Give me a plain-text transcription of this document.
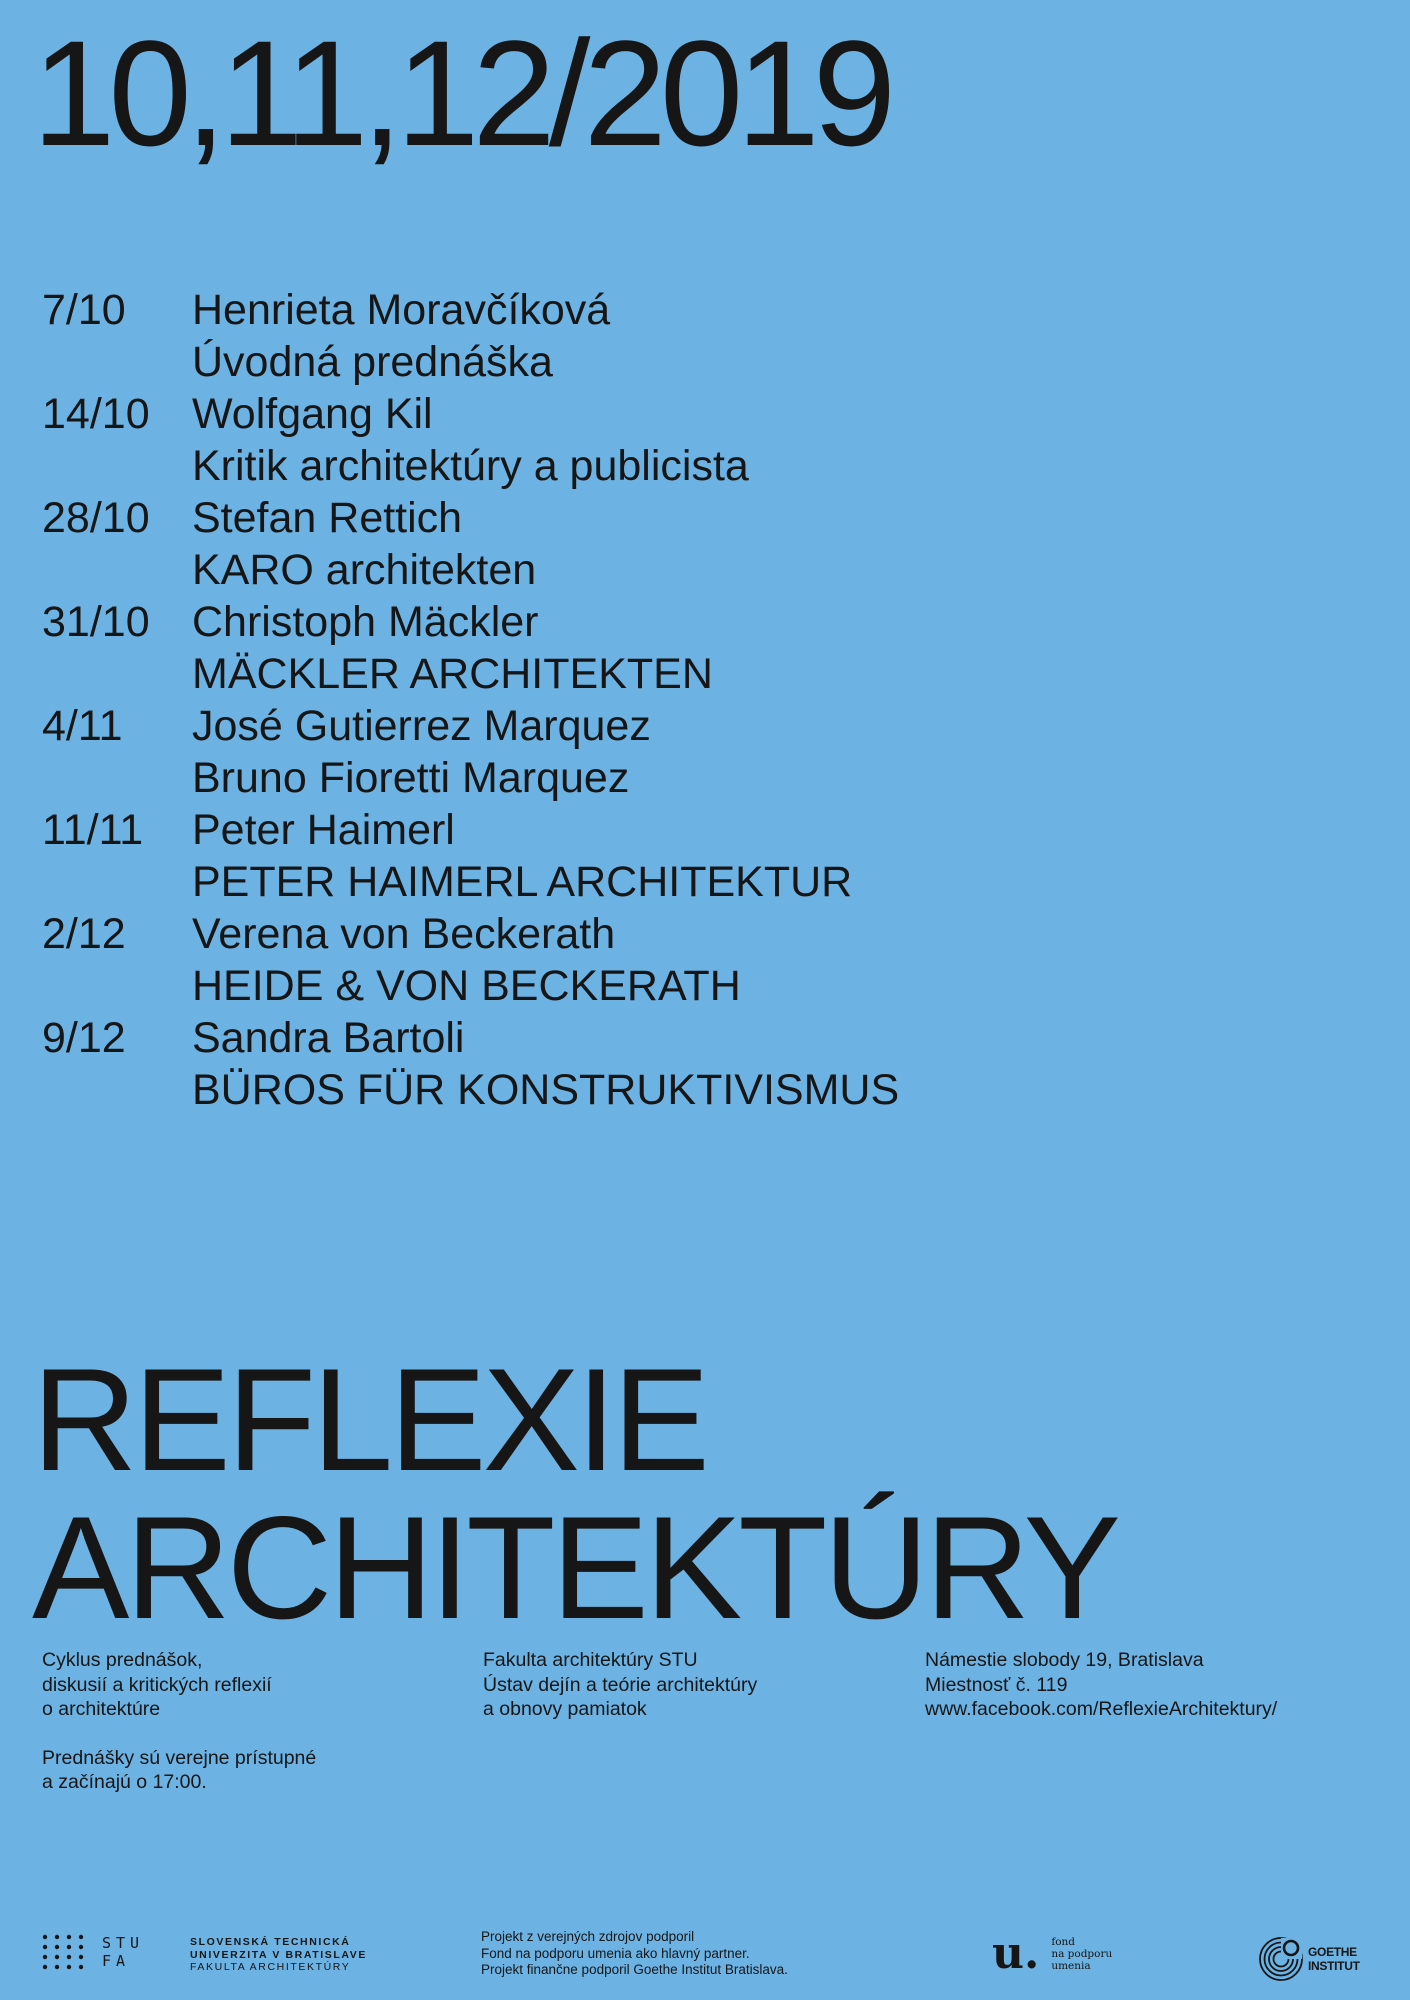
10,11,12/2019
7/10	Henrieta Moravčíková
Úvodná prednáška
14/10 Wolfgang Kil
Kritik architektúry a publicista
28/10 Stefan Rettich
KARO architekten
31/10 Christoph Mäckler
MÄCKLER ARCHITEKTEN
4/11	José Gutierrez Marquez
Bruno Fioretti Marquez
11/11	Peter Haimerl
PETER HAIMERL ARCHITEKTUR
2/12	Verena von Beckerath
HEIDE & VON BECKERATH
9/12	Sandra Bartoli
BÜROS FÜR KONSTRUKTIVISMUS
REFLEXIE
ARCHITEKTÚRY

Cyklus prednášok,

diskusií a kritických reflexií

o architektúre

Prednášky sú verejne prístupné

a začínajú o 17:00.

Fakulta architektúry STU

Ústav dejín a teórie architektúry

a obnovy pamiatok

Námestie slobody 19, Bratislava

Miestnosť č. 119

www.facebook.com/ReflexieArchitektury/

STU
FA
SLOVENSKÁ TECHNICKÁ
UNIVERZITA V BRATISLAVE
FAKULTA ARCHITEKTÚRY
Projekt z verejných zdrojov podporil
Fond na podporu umenia ako hlavný partner.
Projekt finančne podporil Goethe Institut Bratislava.	u. fond
na podporu
umenia
GOETHE
INSTITUT
